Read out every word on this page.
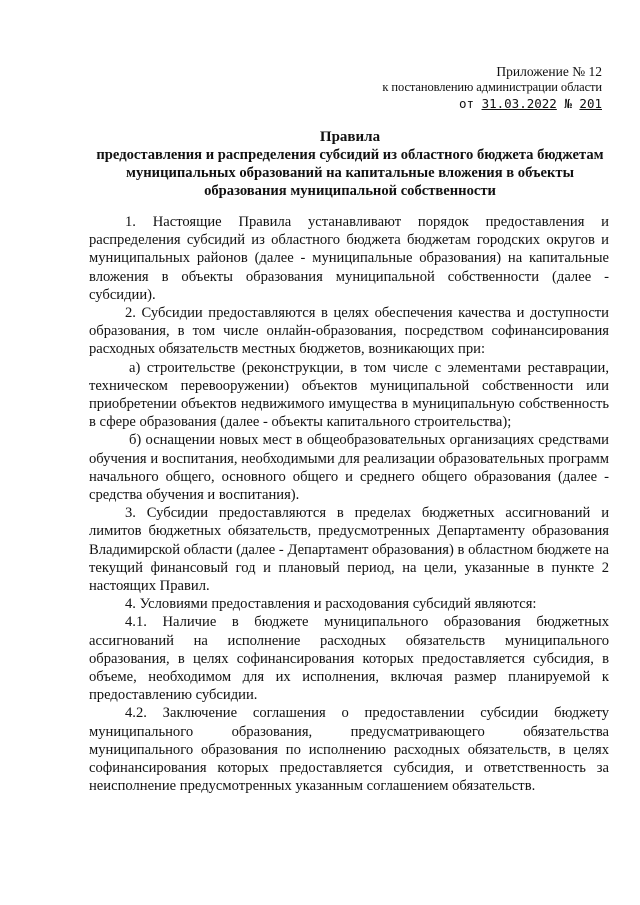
Приложение № 12
к постановлению администрации области
от 31.03.2022 № 201
Правила
предоставления и распределения субсидий из областного бюджета бюджетам муниципальных образований на капитальные вложения в объекты образования муниципальной собственности

1. Настоящие Правила устанавливают порядок предоставления и распределения субсидий из областного бюджета бюджетам городских округов и муниципальных районов (далее - муниципальные образования) на капитальные вложения в объекты образования муниципальной собственности (далее - субсидии).

2. Субсидии предоставляются в целях обеспечения качества и доступности образования, в том числе онлайн-образования, посредством софинансирования расходных обязательств местных бюджетов, возникающих при:

а) строительстве (реконструкции, в том числе с элементами реставрации, техническом перевооружении) объектов муниципальной собственности или приобретении объектов недвижимого имущества в муниципальную собственность в сфере образования (далее - объекты капитального строительства);

б) оснащении новых мест в общеобразовательных организациях средствами обучения и воспитания, необходимыми для реализации образовательных программ начального общего, основного общего и среднего общего образования (далее - средства обучения и воспитания).

3. Субсидии предоставляются в пределах бюджетных ассигнований и лимитов бюджетных обязательств, предусмотренных Департаменту образования Владимирской области (далее - Департамент образования) в областном бюджете на текущий финансовый год и плановый период, на цели, указанные в пункте 2 настоящих Правил.

4. Условиями предоставления и расходования субсидий являются:

4.1. Наличие в бюджете муниципального образования бюджетных ассигнований на исполнение расходных обязательств муниципального образования, в целях софинансирования которых предоставляется субсидия, в объеме, необходимом для их исполнения, включая размер планируемой к предоставлению субсидии.

4.2. Заключение соглашения о предоставлении субсидии бюджету муниципального образования, предусматривающего обязательства муниципального образования по исполнению расходных обязательств, в целях софинансирования которых предоставляется субсидия, и ответственность за неисполнение предусмотренных указанным соглашением обязательств.
